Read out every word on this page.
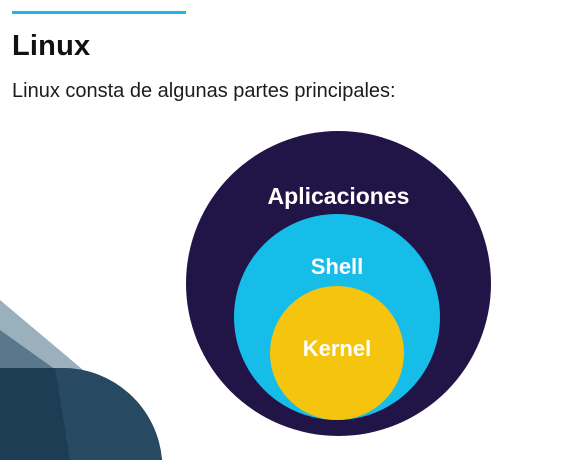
Linux

Linux consta de algunas partes principales:

Aplicaciones
Shell
Kernel
